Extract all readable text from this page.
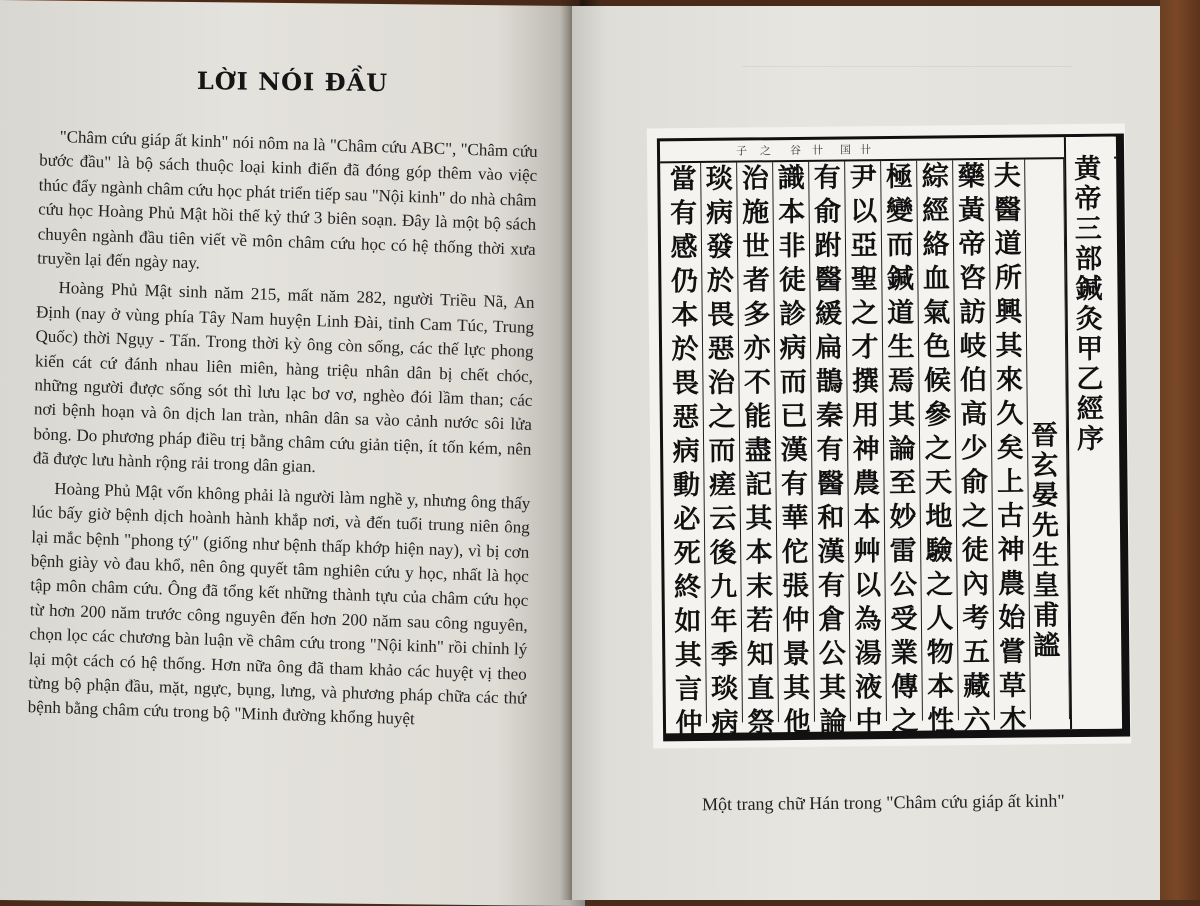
LỜI NÓI ĐẦU

"Châm cứu giáp ất kinh" nói nôm na là "Châm cứu ABC", "Châm cứu bước đầu" là bộ sách thuộc loại kinh điển đã đóng góp thêm vào việc thúc đẩy ngành châm cứu học phát triển tiếp sau "Nội kinh" do nhà châm cứu học Hoàng Phủ Mật hồi thế kỷ thứ 3 biên soạn. Đây là một bộ sách chuyên ngành đầu tiên viết về môn châm cứu học có hệ thống thời xưa truyền lại đến ngày nay.

Hoàng Phủ Mật sinh năm 215, mất năm 282, người Triều Nã, An Định (nay ở vùng phía Tây Nam huyện Linh Đài, tỉnh Cam Túc, Trung Quốc) thời Ngụy - Tấn. Trong thời kỳ ông còn sống, các thế lực phong kiến cát cứ đánh nhau liên miên, hàng triệu nhân dân bị chết chóc, những người được sống sót thì lưu lạc bơ vơ, nghèo đói lầm than; các nơi bệnh hoạn và ôn dịch lan tràn, nhân dân sa vào cảnh nước sôi lửa bỏng. Do phương pháp điều trị bằng châm cứu giản tiện, ít tốn kém, nên đã được lưu hành rộng rải trong dân gian.

Hoàng Phủ Mật vốn không phải là người làm nghề y, nhưng ông thấy lúc bấy giờ bệnh dịch hoành hành khắp nơi, và đến tuổi trung niên ông lại mắc bệnh "phong tý" (giống như bệnh thấp khớp hiện nay), vì bị cơn bệnh giày vò đau khổ, nên ông quyết tâm nghiên cứu y học, nhất là học tập môn châm cứu. Ông đã tổng kết những thành tựu của châm cứu học từ hơn 200 năm trước công nguyên đến hơn 200 năm sau công nguyên, chọn lọc các chương bàn luận về châm cứu trong "Nội kinh" rồi chỉnh lý lại một cách có hệ thống. Hơn nữa ông đã tham khảo các huyệt vị theo từng bộ phận đầu, mặt, ngực, bụng, lưng, và phương pháp chữa các thứ bệnh bằng châm cứu trong bộ "Minh đường khổng huyệt

子 之 谷 卄 国 卄
黄
帝
三
部
鍼
灸
甲
乙
經
序
晉
玄
晏
先
生
皇
甫
謐
夫
醫
道
所
興
其
來
久
矣
上
古
神
農
始
嘗
草
木
藥
黃
帝
咨
訪
岐
伯
高
少
俞
之
徒
內
考
五
藏
六
綜
經
絡
血
氣
色
候
參
之
天
地
驗
之
人
物
本
性
極
變
而
鍼
道
生
焉
其
論
至
妙
雷
公
受
業
傳
之
尹
以
亞
聖
之
才
撰
用
神
農
本
艸
以
為
湯
液
中
有
俞
跗
醫
緩
扁
鵲
秦
有
醫
和
漢
有
倉
公
其
論
識
本
非
徒
診
病
而
已
漢
有
華
佗
張
仲
景
其
他
治
施
世
者
多
亦
不
能
盡
記
其
本
末
若
知
直
祭
琰
病
發
於
畏
惡
治
之
而
瘥
云
後
九
年
季
琰
病
當
有
感
仍
本
於
畏
惡
病
動
必
死
終
如
其
言
仲
Một trang chữ Hán trong "Châm cứu giáp ất kinh"
